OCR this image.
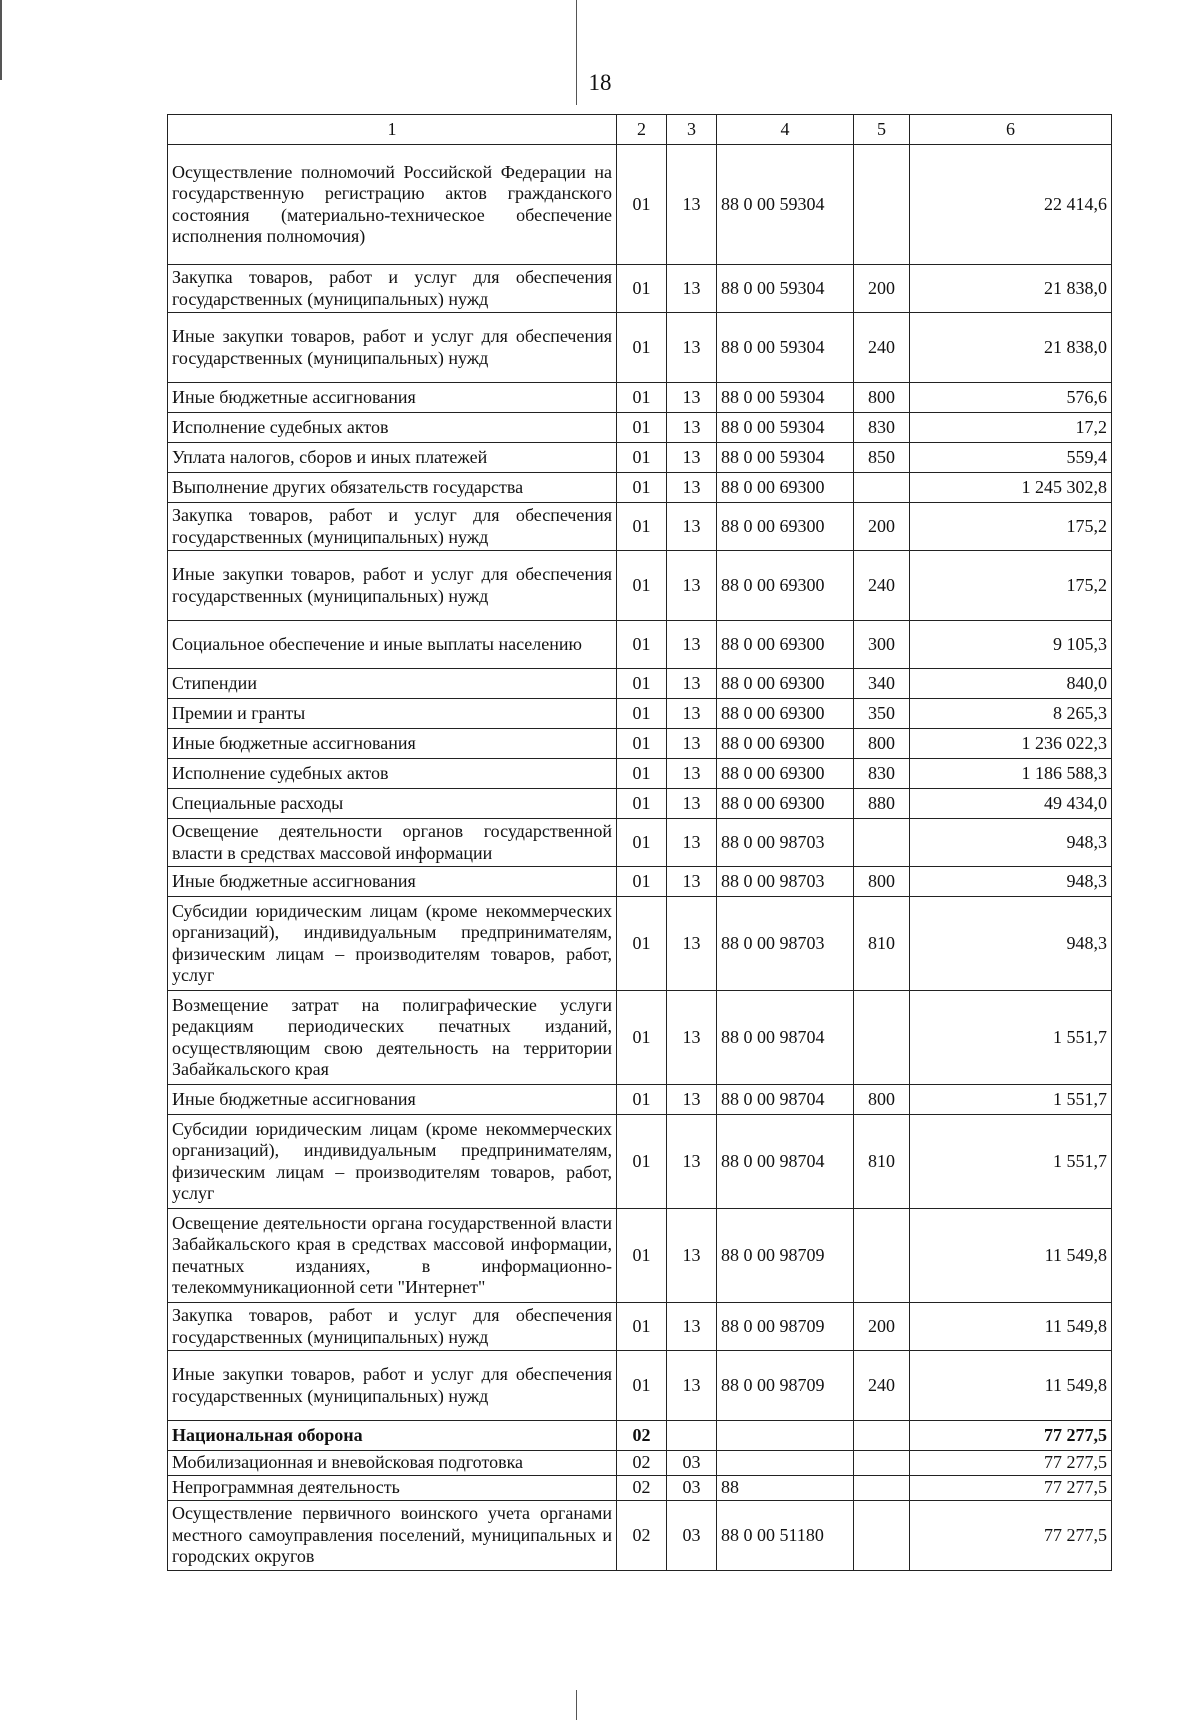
18
1	2	3	4	5	6
Осуществление полномочий Российской Федерации на государственную регистрацию актов гражданского состояния (материально-техническое обеспечение исполнения полномочия)	01	13	88 0 00 59304		22 414,6
Закупка товаров, работ и услуг для обеспечения государственных (муниципальных) нужд	01	13	88 0 00 59304	200	21 838,0
Иные закупки товаров, работ и услуг для обеспечения государственных (муниципальных) нужд	01	13	88 0 00 59304	240	21 838,0
Иные бюджетные ассигнования	01	13	88 0 00 59304	800	576,6
Исполнение судебных актов	01	13	88 0 00 59304	830	17,2
Уплата налогов, сборов и иных платежей	01	13	88 0 00 59304	850	559,4
Выполнение других обязательств государства	01	13	88 0 00 69300		1 245 302,8
Закупка товаров, работ и услуг для обеспечения государственных (муниципальных) нужд	01	13	88 0 00 69300	200	175,2
Иные закупки товаров, работ и услуг для обеспечения государственных (муниципальных) нужд	01	13	88 0 00 69300	240	175,2
Социальное обеспечение и иные выплаты населению	01	13	88 0 00 69300	300	9 105,3
Стипендии	01	13	88 0 00 69300	340	840,0
Премии и гранты	01	13	88 0 00 69300	350	8 265,3
Иные бюджетные ассигнования	01	13	88 0 00 69300	800	1 236 022,3
Исполнение судебных актов	01	13	88 0 00 69300	830	1 186 588,3
Специальные расходы	01	13	88 0 00 69300	880	49 434,0
Освещение деятельности органов государственной власти в средствах массовой информации	01	13	88 0 00 98703		948,3
Иные бюджетные ассигнования	01	13	88 0 00 98703	800	948,3
Субсидии юридическим лицам (кроме некоммерческих организаций), индивидуальным предпринимателям, физическим лицам – производителям товаров, работ, услуг	01	13	88 0 00 98703	810	948,3
Возмещение затрат на полиграфические услуги редакциям периодических печатных изданий, осуществляющим свою деятельность на территории Забайкальского края	01	13	88 0 00 98704		1 551,7
Иные бюджетные ассигнования	01	13	88 0 00 98704	800	1 551,7
Субсидии юридическим лицам (кроме некоммерческих организаций), индивидуальным предпринимателям, физическим лицам – производителям товаров, работ, услуг	01	13	88 0 00 98704	810	1 551,7
Освещение деятельности органа государственной власти Забайкальского края в средствах массовой информации, печатных изданиях, в информационно-телекоммуникационной сети "Интернет"	01	13	88 0 00 98709		11 549,8
Закупка товаров, работ и услуг для обеспечения государственных (муниципальных) нужд	01	13	88 0 00 98709	200	11 549,8
Иные закупки товаров, работ и услуг для обеспечения государственных (муниципальных) нужд	01	13	88 0 00 98709	240	11 549,8
Национальная оборона	02				77 277,5
Мобилизационная и вневойсковая подготовка	02	03			77 277,5
Непрограммная деятельность	02	03	88		77 277,5
Осуществление первичного воинского учета органами местного самоуправления поселений, муниципальных и городских округов	02	03	88 0 00 51180		77 277,5
